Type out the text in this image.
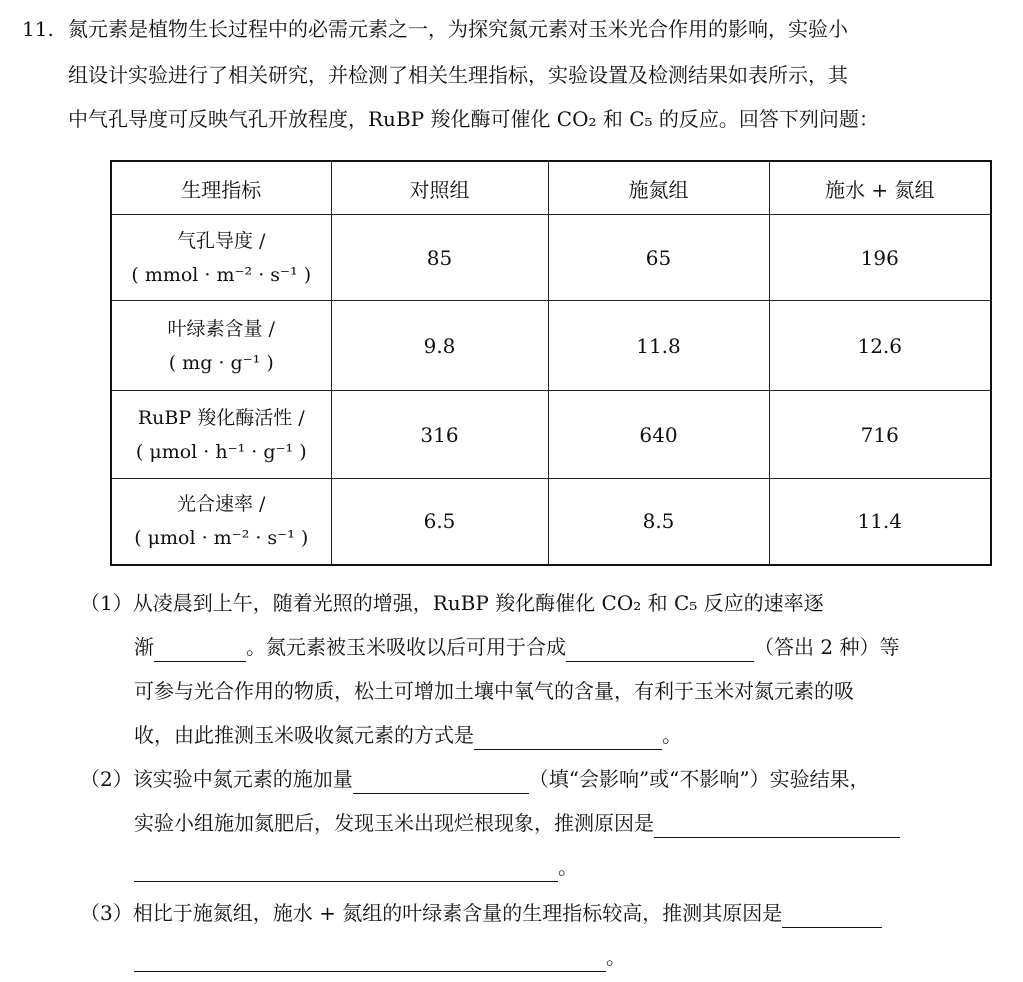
11. 氮元素是植物生长过程中的必需元素之一，为探究氮元素对玉米光合作用的影响，实验小
组设计实验进行了相关研究，并检测了相关生理指标，实验设置及检测结果如表所示，其
中气孔导度可反映气孔开放程度，RuBP 羧化酶可催化 CO₂ 和 C₅ 的反应。回答下列问题：
生理指标	对照组	施氮组	施水 + 氮组

气孔导度 /
( mmol · m⁻² · s⁻¹ )	85	65	196

叶绿素含量 /
( mg · g⁻¹ )	9.8	11.8	12.6

RuBP 羧化酶活性 /
( μmol · h⁻¹ · g⁻¹ )	316	640	716

光合速率 /
( μmol · m⁻² · s⁻¹ )	6.5	8.5	11.4
（1）从凌晨到上午，随着光照的增强，RuBP 羧化酶催化 CO₂ 和 C₅ 反应的速率逐
渐	。氮元素被玉米吸收以后可用于合成	（答出 2 种）等
可参与光合作用的物质，松土可增加土壤中氧气的含量，有利于玉米对氮元素的吸
收，由此推测玉米吸收氮元素的方式是	。
（2）该实验中氮元素的施加量	（填“会影响”或“不影响”）实验结果，
实验小组施加氮肥后，发现玉米出现烂根现象，推测原因是
。
（3）相比于施氮组，施水 + 氮组的叶绿素含量的生理指标较高，推测其原因是
。
